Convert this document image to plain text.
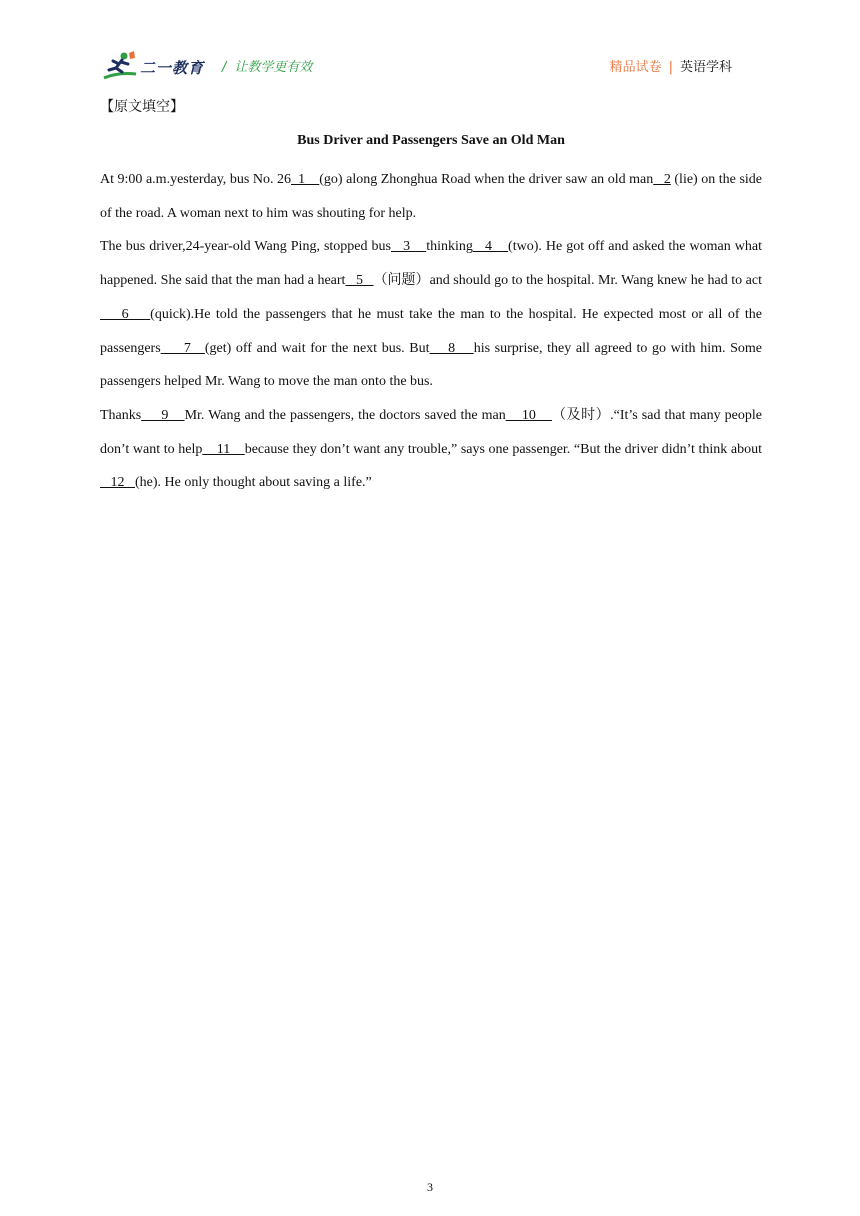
二一教育 / 让教学更有效	精品试卷 | 英语学科
【原文填空】
Bus Driver and Passengers Save an Old Man

At 9:00 a.m.yesterday, bus No. 26  1    (go) along Zhonghua Road when the driver saw an old man   2 (lie) on the side of the road. A woman next to him was shouting for help.

The bus driver,24-year-old Wang Ping, stopped bus   3    thinking   4    (two). He got off and asked the woman what happened. She said that the man had a heart   5   （问题）and should go to the hospital. Mr. Wang knew he had to act    6    (quick).He told the passengers that he must take the man to the hospital. He expected most or all of the passengers     7   (get) off and wait for the next bus. But    8    his surprise, they all agreed to go with him. Some passengers helped Mr. Wang to move the man onto the bus.

Thanks     9    Mr. Wang and the passengers, the doctors saved the man    10    （及时）.“It’s sad that many people don’t want to help    11    because they don’t want any trouble,” says one passenger. “But the driver didn’t think about   12   (he). He only thought about saving a life.”

3
